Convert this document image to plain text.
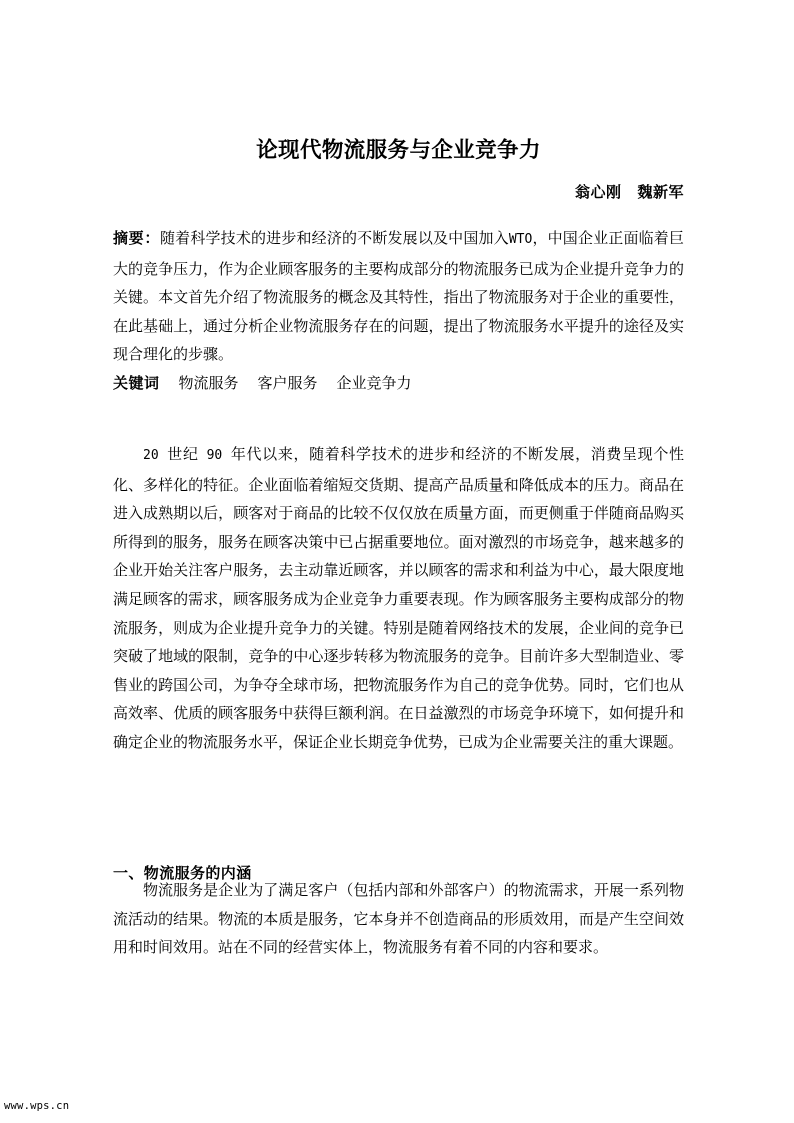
论现代物流服务与企业竞争力
翁心刚 魏新军

摘要：随着科学技术的进步和经济的不断发展以及中国加入WTO，中国企业正面临着巨大的竞争压力，作为企业顾客服务的主要构成部分的物流服务已成为企业提升竞争力的关键。本文首先介绍了物流服务的概念及其特性，指出了物流服务对于企业的重要性，在此基础上，通过分析企业物流服务存在的问题，提出了物流服务水平提升的途径及实现合理化的步骤。

关键词 物流服务 客户服务 企业竞争力

20 世纪 90 年代以来，随着科学技术的进步和经济的不断发展，消费呈现个性化、多样化的特征。企业面临着缩短交货期、提高产品质量和降低成本的压力。商品在进入成熟期以后，顾客对于商品的比较不仅仅放在质量方面，而更侧重于伴随商品购买所得到的服务，服务在顾客决策中已占据重要地位。面对激烈的市场竞争，越来越多的企业开始关注客户服务，去主动靠近顾客，并以顾客的需求和利益为中心，最大限度地满足顾客的需求，顾客服务成为企业竞争力重要表现。作为顾客服务主要构成部分的物流服务，则成为企业提升竞争力的关键。特别是随着网络技术的发展，企业间的竞争已突破了地域的限制，竞争的中心逐步转移为物流服务的竞争。目前许多大型制造业、零售业的跨国公司，为争夺全球市场，把物流服务作为自己的竞争优势。同时，它们也从高效率、优质的顾客服务中获得巨额利润。在日益激烈的市场竞争环境下，如何提升和确定企业的物流服务水平，保证企业长期竞争优势，已成为企业需要关注的重大课题。

一、物流服务的内涵

物流服务是企业为了满足客户（包括内部和外部客户）的物流需求，开展一系列物流活动的结果。物流的本质是服务，它本身并不创造商品的形质效用，而是产生空间效用和时间效用。站在不同的经营实体上，物流服务有着不同的内容和要求。

www.wps.cn
